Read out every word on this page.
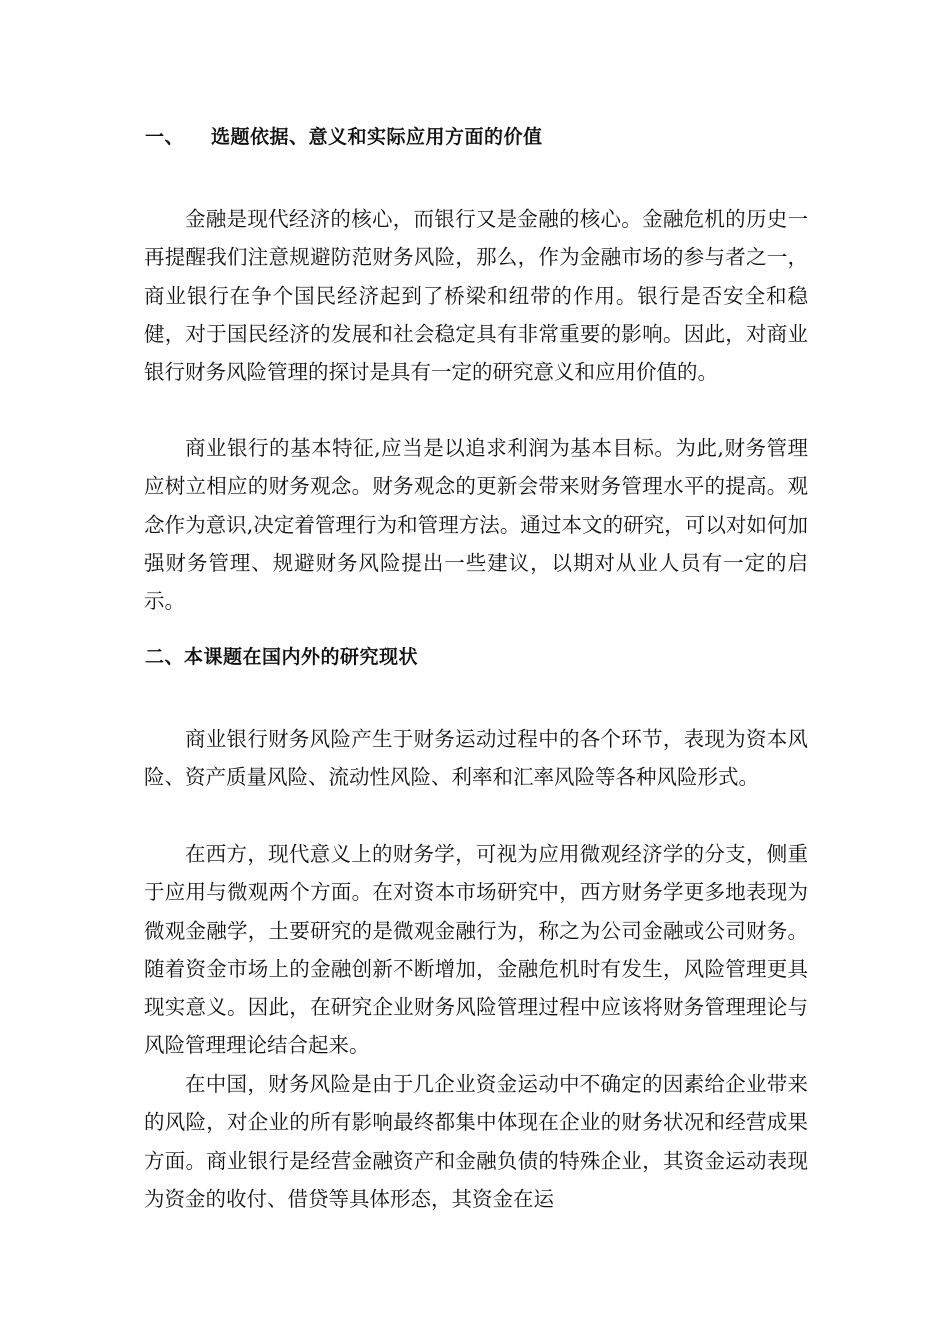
一、 选题依据、意义和实际应用方面的价值
金融是现代经济的核心，而银行又是金融的核心。金融危机的历史一再提醒我们注意规避防范财务风险，那么，作为金融市场的参与者之一，商业银行在争个国民经济起到了桥梁和纽带的作用。银行是否安全和稳健，对于国民经济的发展和社会稳定具有非常重要的影响。因此，对商业银行财务风险管理的探讨是具有一定的研究意义和应用价值的。
商业银行的基本特征,应当是以追求利润为基本目标。为此,财务管理应树立相应的财务观念。财务观念的更新会带来财务管理水平的提高。观念作为意识,决定着管理行为和管理方法。通过本文的研究，可以对如何加强财务管理、规避财务风险提出一些建议，以期对从业人员有一定的启示。
二、本课题在国内外的研究现状
商业银行财务风险产生于财务运动过程中的各个环节，表现为资本风险、资产质量风险、流动性风险、利率和汇率风险等各种风险形式。
在西方，现代意义上的财务学，可视为应用微观经济学的分支，侧重于应用与微观两个方面。在对资本市场研究中，西方财务学更多地表现为微观金融学，土要研究的是微观金融行为，称之为公司金融或公司财务。随着资金市场上的金融创新不断增加，金融危机时有发生，风险管理更具现实意义。因此，在研究企业财务风险管理过程中应该将财务管理理论与风险管理理论结合起来。
在中国，财务风险是由于几企业资金运动中不确定的因素给企业带来的风险，对企业的所有影响最终都集中体现在企业的财务状况和经营成果方面。商业银行是经营金融资产和金融负债的特殊企业，其资金运动表现为资金的收付、借贷等具体形态，其资金在运
